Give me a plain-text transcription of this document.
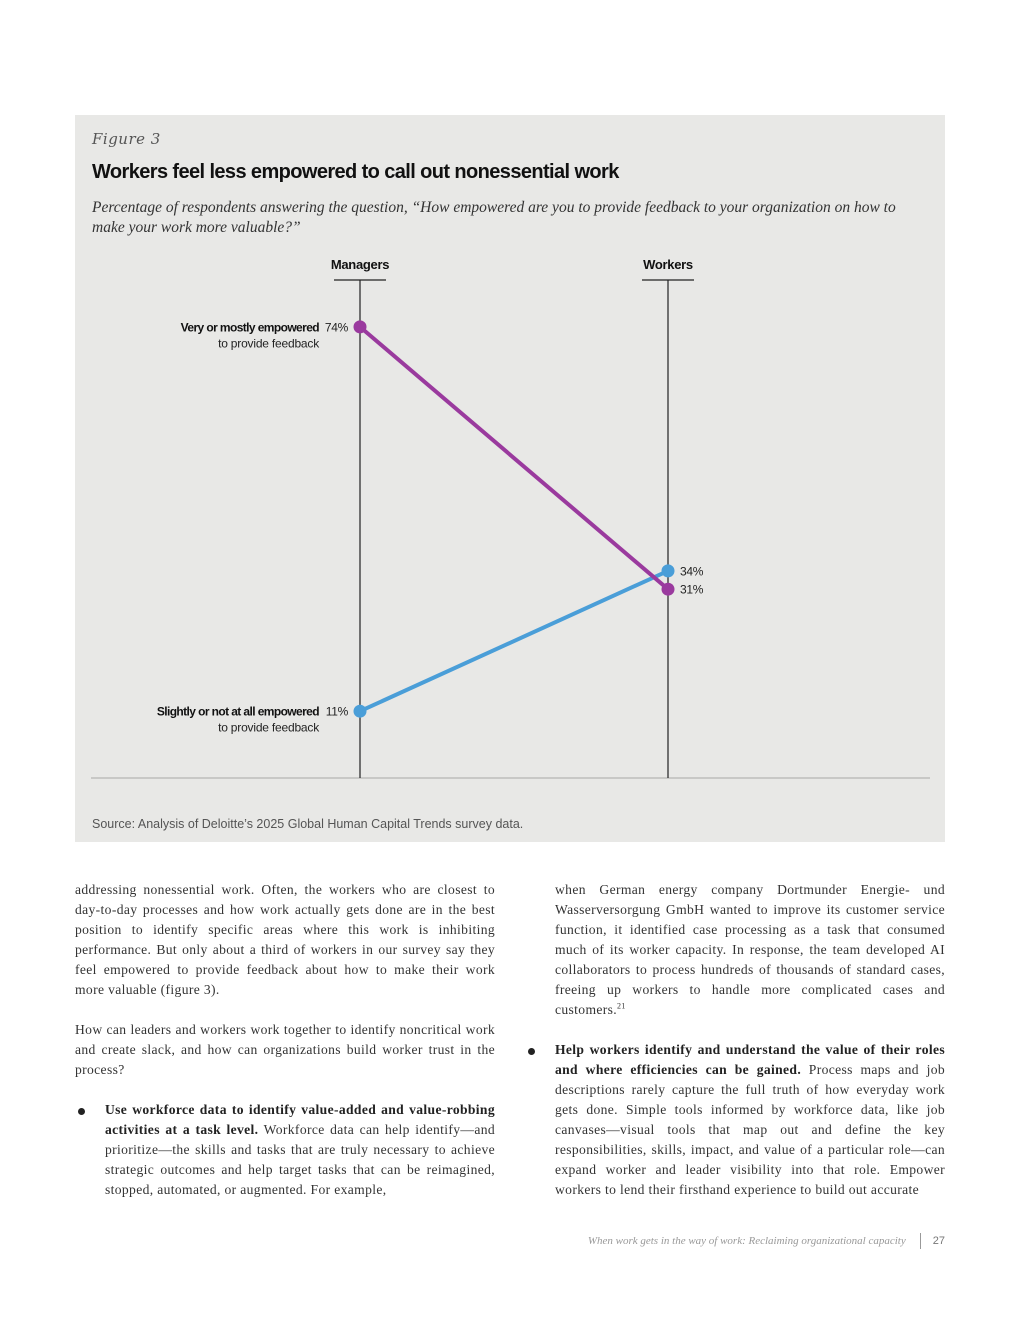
Figure 3
Workers feel less empowered to call out nonessential work
Percentage of respondents answering the question, “How empowered are you to provide feedback to your organization on how to make your work more valuable?”
Managers	Workers
74%
31%
Very or mostly empowered
to provide feedback
11%
34%
Slightly or not at all empowered
to provide feedback
Source: Analysis of Deloitte’s 2025 Global Human Capital Trends survey data.

addressing nonessential work. Often, the workers who are closest to day-to-day processes and how work actually gets done are in the best position to identify specific areas where this work is inhibiting performance. But only about a third of workers in our survey say they feel empowered to provide feedback about how to make their work more valuable (figure 3).

How can leaders and workers work together to identify noncritical work and create slack, and how can organizations build worker trust in the process?

Use workforce data to identify value-added and value-robbing activities at a task level. Workforce data can help identify—and prioritize—the skills and tasks that are truly necessary to achieve strategic outcomes and help target tasks that can be reimagined, stopped, automated, or augmented. For example,
when German energy company Dortmunder Energie- und Wasserversorgung GmbH wanted to improve its customer service function, it identified case processing as a task that consumed much of its worker capacity. In response, the team developed AI collaborators to process hundreds of thousands of standard cases, freeing up workers to handle more complicated cases and customers.$^{21}$
Help workers identify and understand the value of their roles and where efficiencies can be gained. Process maps and job descriptions rarely capture the full truth of how everyday work gets done. Simple tools informed by workforce data, like job canvases—visual tools that map out and define the key responsibilities, skills, impact, and value of a particular role—can expand worker and leader visibility into that role. Empower workers to lend their firsthand experience to build out accurate
When work gets in the way of work: Reclaiming organizational capacity 27
